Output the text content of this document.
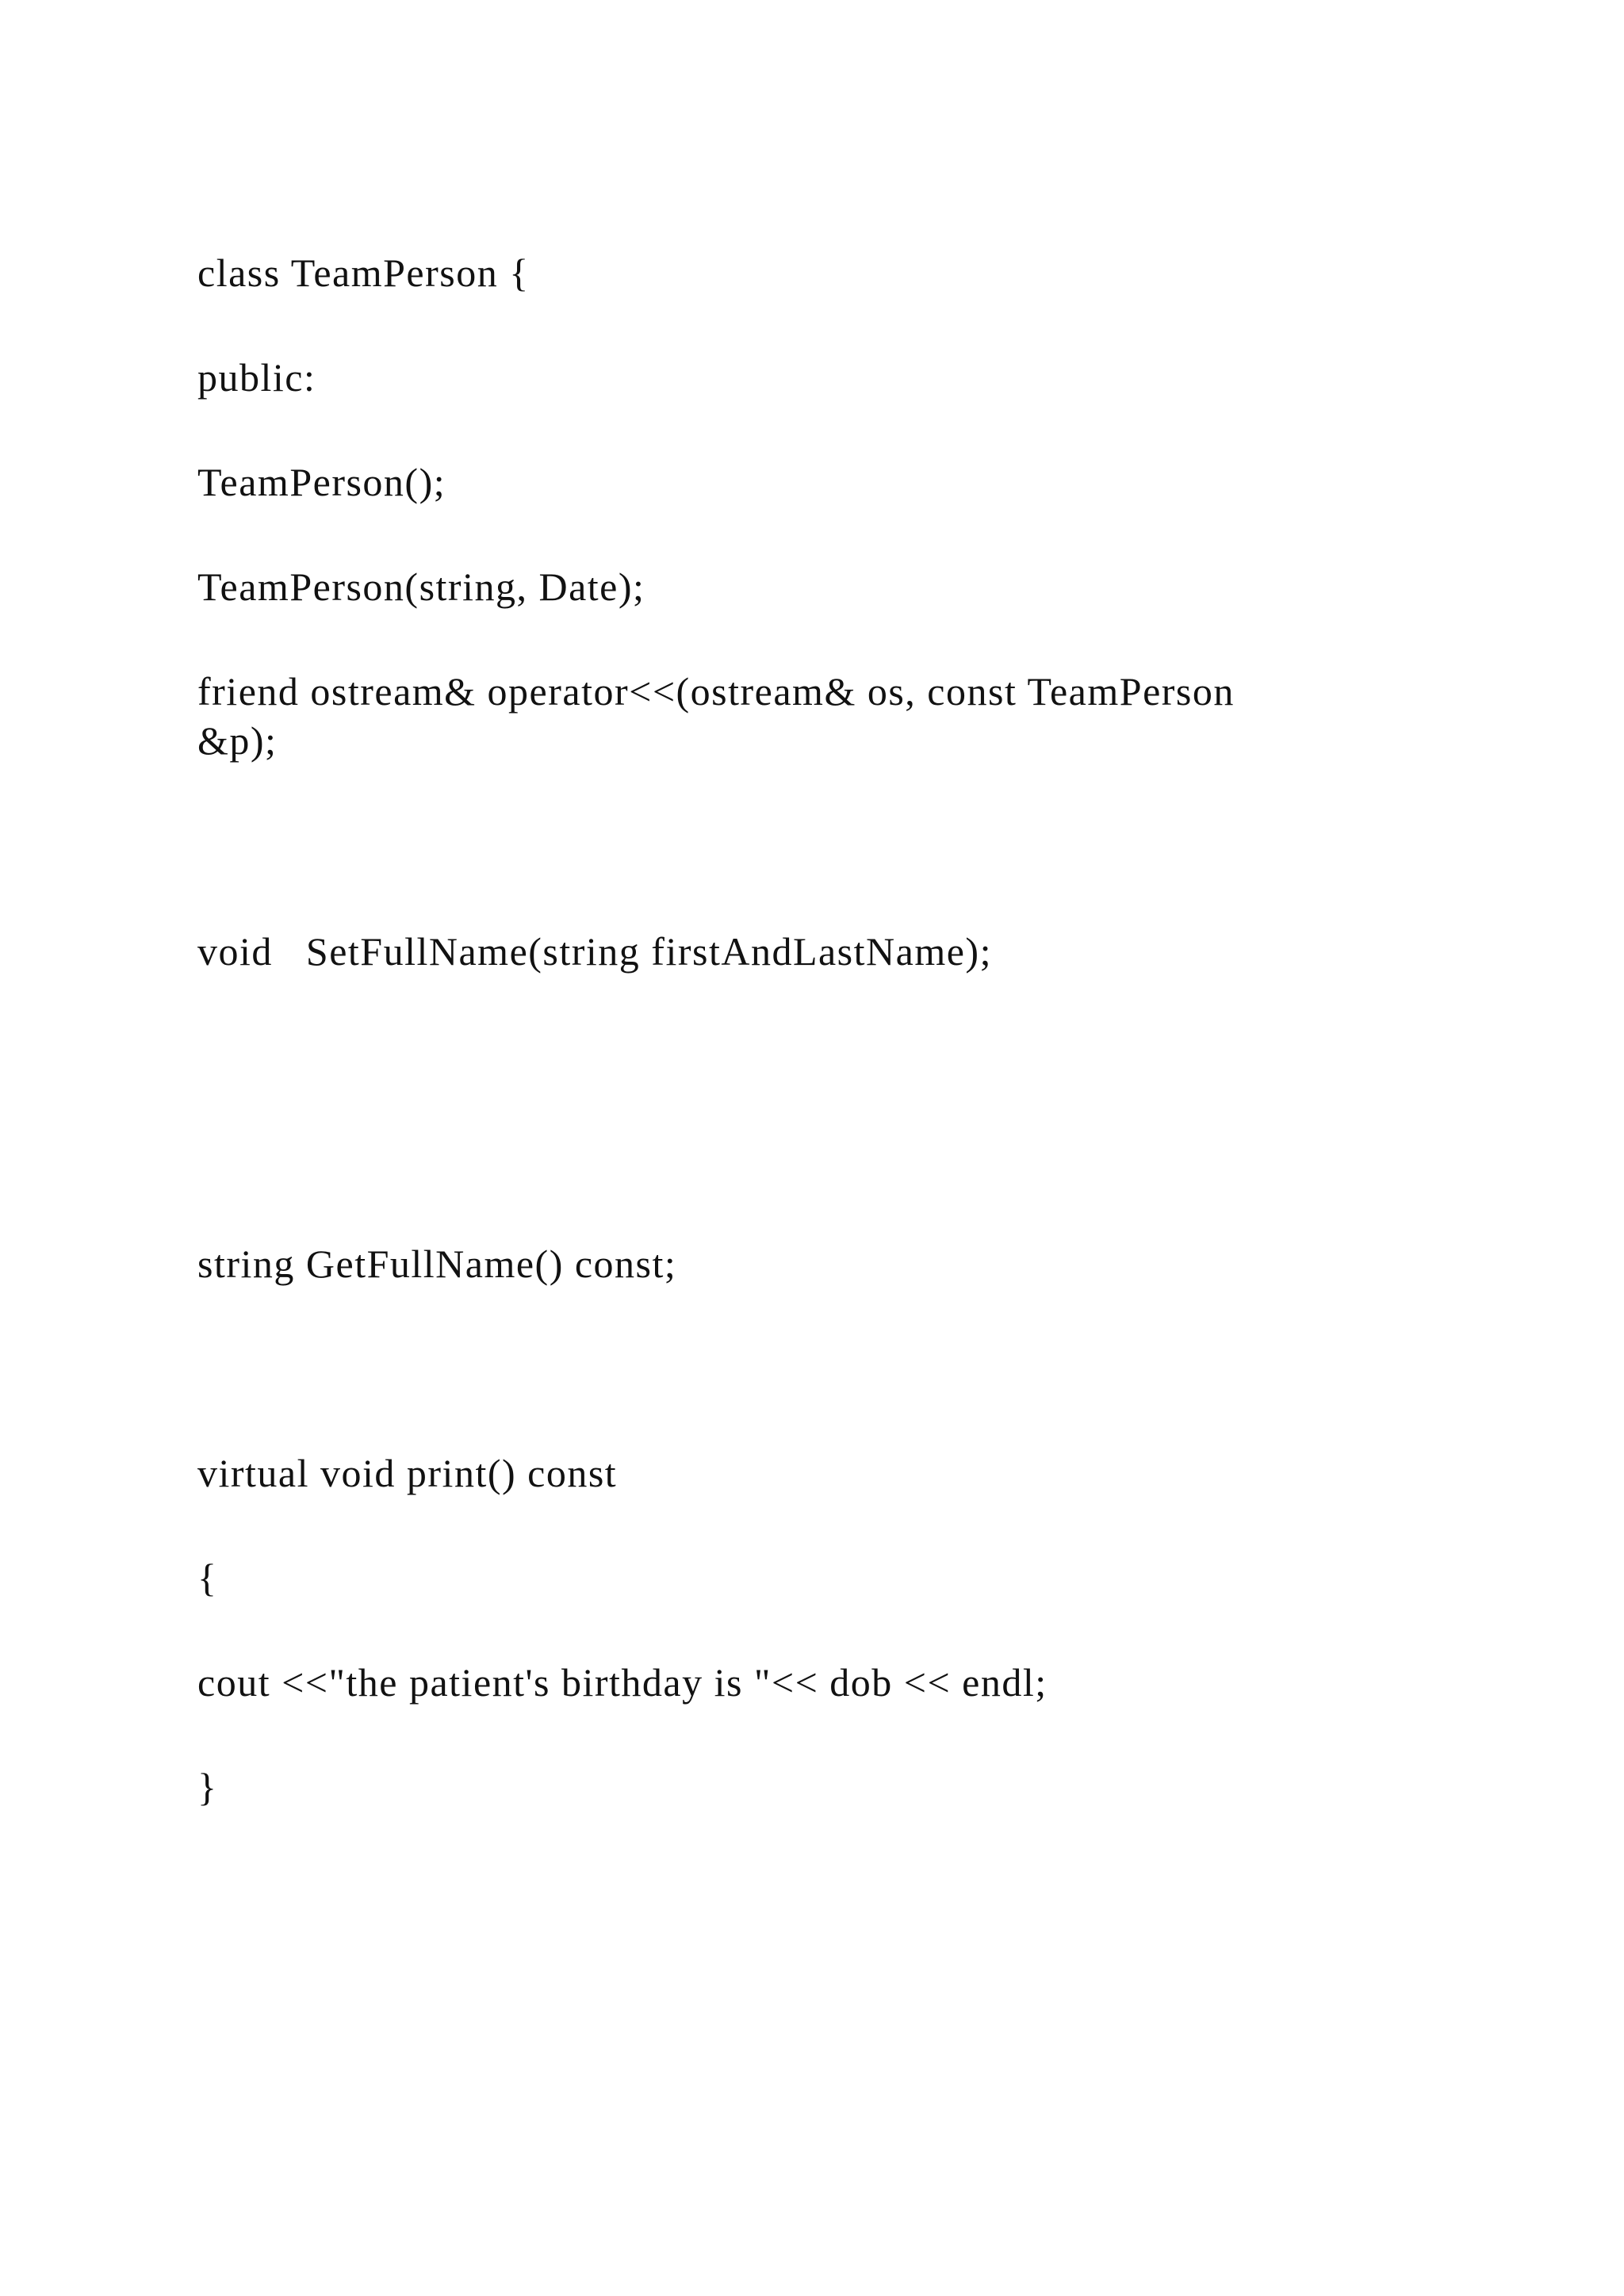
class TeamPerson {

public:

TeamPerson();

TeamPerson(string, Date);

friend ostream& operator<<(ostream& os, const TeamPerson

&p);

void   SetFullName(string firstAndLastName);

string GetFullName() const;

virtual void print() const

{

cout <<"the patient's birthday is "<< dob << endl;

}
